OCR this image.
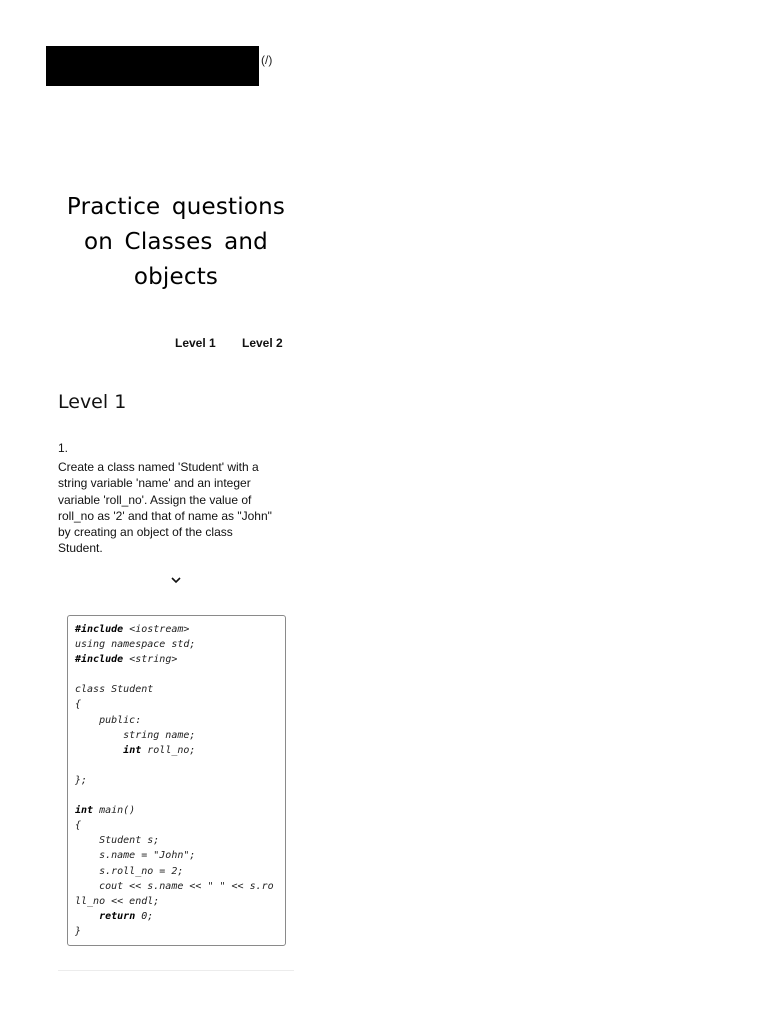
(/)
Practice questions on Classes and objects
Level 1 Level 2
Level 1
1.

Create a class named 'Student' with a string variable 'name' and an integer variable 'roll_no'. Assign the value of roll_no as '2' and that of name as "John" by creating an object of the class Student.

#include <iostream>
using namespace std;
#include <string>
class Student
{
public:
string name;
int roll_no;
};
int main()
{
Student s;
s.name = "John";
s.roll_no = 2;
cout << s.name << " " << s.ro
ll_no << endl;
return 0;
}
